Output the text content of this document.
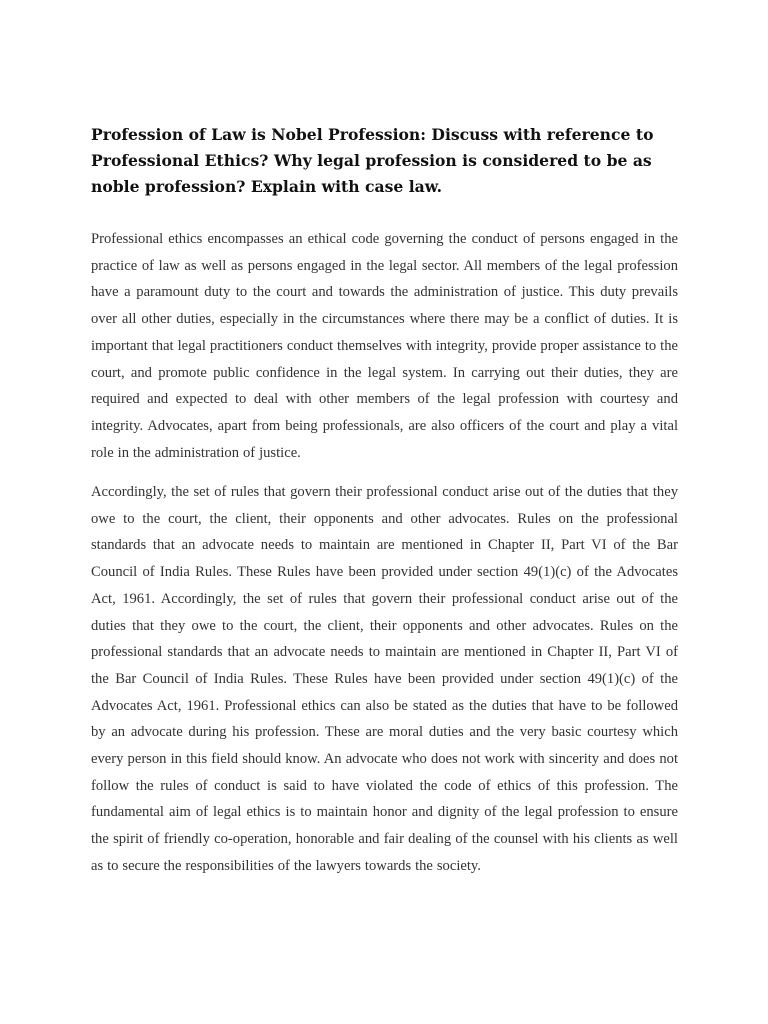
Profession of Law is Nobel Profession: Discuss with reference to Professional Ethics? Why legal profession is considered to be as noble profession? Explain with case law.

Professional ethics encompasses an ethical code governing the conduct of persons engaged in the practice of law as well as persons engaged in the legal sector. All members of the legal profession have a paramount duty to the court and towards the administration of justice. This duty prevails over all other duties, especially in the circumstances where there may be a conflict of duties. It is important that legal practitioners conduct themselves with integrity, provide proper assistance to the court, and promote public confidence in the legal system. In carrying out their duties, they are required and expected to deal with other members of the legal profession with courtesy and integrity. Advocates, apart from being professionals, are also officers of the court and play a vital role in the administration of justice.

Accordingly, the set of rules that govern their professional conduct arise out of the duties that they owe to the court, the client, their opponents and other advocates. Rules on the professional standards that an advocate needs to maintain are mentioned in Chapter II, Part VI of the Bar Council of India Rules. These Rules have been provided under section 49(1)(c) of the Advocates Act, 1961. Accordingly, the set of rules that govern their professional conduct arise out of the duties that they owe to the court, the client, their opponents and other advocates. Rules on the professional standards that an advocate needs to maintain are mentioned in Chapter II, Part VI of the Bar Council of India Rules. These Rules have been provided under section 49(1)(c) of the Advocates Act, 1961. Professional ethics can also be stated as the duties that have to be followed by an advocate during his profession. These are moral duties and the very basic courtesy which every person in this field should know. An advocate who does not work with sincerity and does not follow the rules of conduct is said to have violated the code of ethics of this profession. The fundamental aim of legal ethics is to maintain honor and dignity of the legal profession to ensure the spirit of friendly co-operation, honorable and fair dealing of the counsel with his clients as well as to secure the responsibilities of the lawyers towards the society.
